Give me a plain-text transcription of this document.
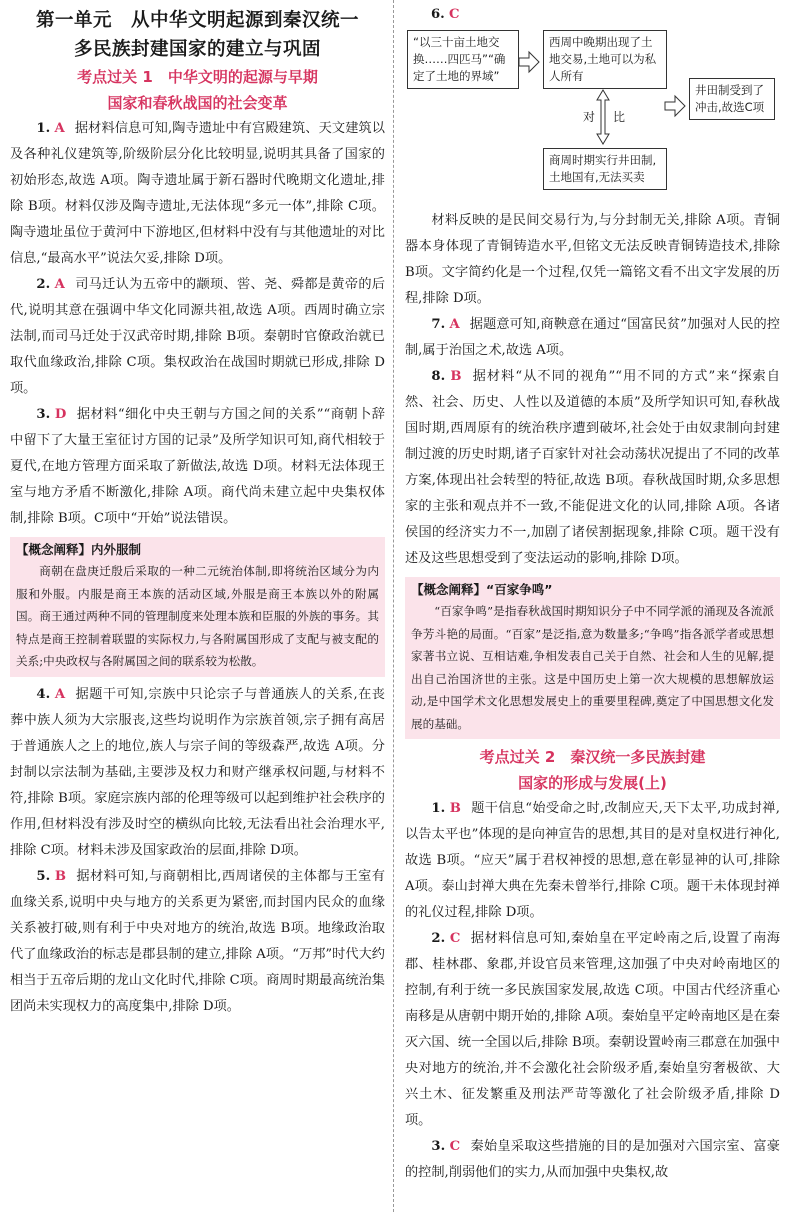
第一单元　从中华文明起源到秦汉统一
多民族封建国家的建立与巩固
考点过关 1　中华文明的起源与早期
国家和春秋战国的社会变革

1. A 据材料信息可知,陶寺遗址中有宫殿建筑、天文建筑以及各种礼仪建筑等,阶级阶层分化比较明显,说明其具备了国家的初始形态,故选 A项。陶寺遗址属于新石器时代晚期文化遗址,排除 B项。材料仅涉及陶寺遗址,无法体现“多元一体”,排除 C项。陶寺遗址虽位于黄河中下游地区,但材料中没有与其他遗址的对比信息,“最高水平”说法欠妥,排除 D项。

2. A 司马迁认为五帝中的颛顼、喾、尧、舜都是黄帝的后代,说明其意在强调中华文化同源共祖,故选 A项。西周时确立宗法制,而司马迁处于汉武帝时期,排除 B项。秦朝时官僚政治就已取代血缘政治,排除 C项。集权政治在战国时期就已形成,排除 D项。

3. D 据材料“细化中央王朝与方国之间的关系”“商朝卜辞中留下了大量王室征讨方国的记录”及所学知识可知,商代相较于夏代,在地方管理方面采取了新做法,故选 D项。材料无法体现王室与地方矛盾不断激化,排除 A项。商代尚未建立起中央集权体制,排除 B项。C项中“开始”说法错误。

【概念阐释】内外服制
商朝在盘庚迁殷后采取的一种二元统治体制,即将统治区域分为内服和外服。内服是商王本族的活动区域,外服是商王本族以外的附属国。商王通过两种不同的管理制度来处理本族和臣服的外族的事务。其特点是商王控制着联盟的实际权力,与各附属国形成了支配与被支配的关系;中央政权与各附属国之间的联系较为松散。

4. A 据题干可知,宗族中只论宗子与普通族人的关系,在丧葬中族人须为大宗服丧,这些均说明作为宗族首领,宗子拥有高居于普通族人之上的地位,族人与宗子间的等级森严,故选 A项。分封制以宗法制为基础,主要涉及权力和财产继承权问题,与材料不符,排除 B项。家庭宗族内部的伦理等级可以起到维护社会秩序的作用,但材料没有涉及时空的横纵向比较,无法看出社会治理水平,排除 C项。材料未涉及国家政治的层面,排除 D项。

5. B 据材料可知,与商朝相比,西周诸侯的主体都与王室有血缘关系,说明中央与地方的关系更为紧密,而封国内民众的血缘关系被打破,则有利于中央对地方的统治,故选 B项。地缘政治取代了血缘政治的标志是郡县制的建立,排除 A项。“万邦”时代大约相当于五帝后期的龙山文化时代,排除 C项。商周时期最高统治集团尚未实现权力的高度集中,排除 D项。

6. C
“以三十亩土地交换……四匹马”“确定了土地的界域”
西周中晚期出现了土地交易,土地可以为私人所有
对 比
井田制受到了冲击,故选C项
商周时期实行井田制,土地国有,无法买卖

材料反映的是民间交易行为,与分封制无关,排除 A项。青铜器本身体现了青铜铸造水平,但铭文无法反映青铜铸造技术,排除 B项。文字简约化是一个过程,仅凭一篇铭文看不出文字发展的历程,排除 D项。

7. A 据题意可知,商鞅意在通过“国富民贫”加强对人民的控制,属于治国之术,故选 A项。

8. B 据材料“从不同的视角”“用不同的方式”来“探索自然、社会、历史、人性以及道德的本质”及所学知识可知,春秋战国时期,西周原有的统治秩序遭到破坏,社会处于由奴隶制向封建制过渡的历史时期,诸子百家针对社会动荡状况提出了不同的改革方案,体现出社会转型的特征,故选 B项。春秋战国时期,众多思想家的主张和观点并不一致,不能促进文化的认同,排除 A项。各诸侯国的经济实力不一,加剧了诸侯割据现象,排除 C项。题干没有述及这些思想受到了变法运动的影响,排除 D项。

【概念阐释】“百家争鸣”
“百家争鸣”是指春秋战国时期知识分子中不同学派的涌现及各流派争芳斗艳的局面。“百家”是泛指,意为数量多;“争鸣”指各派学者或思想家著书立说、互相诘难,争相发表自己关于自然、社会和人生的见解,提出自己治国济世的主张。这是中国历史上第一次大规模的思想解放运动,是中国学术文化思想发展史上的重要里程碑,奠定了中国思想文化发展的基础。
考点过关 2　秦汉统一多民族封建
国家的形成与发展(上)

1. B 题干信息“始受命之时,改制应天,天下太平,功成封禅,以告太平也”体现的是向神宣告的思想,其目的是对皇权进行神化,故选 B项。“应天”属于君权神授的思想,意在彰显神的认可,排除 A项。泰山封禅大典在先秦未曾举行,排除 C项。题干未体现封禅的礼仪过程,排除 D项。

2. C 据材料信息可知,秦始皇在平定岭南之后,设置了南海郡、桂林郡、象郡,并设官员来管理,这加强了中央对岭南地区的控制,有利于统一多民族国家发展,故选 C项。中国古代经济重心南移是从唐朝中期开始的,排除 A项。秦始皇平定岭南地区是在秦灭六国、统一全国以后,排除 B项。秦朝设置岭南三郡意在加强中央对地方的统治,并不会激化社会阶级矛盾,秦始皇穷奢极欲、大兴土木、征发繁重及刑法严苛等激化了社会阶级矛盾,排除 D项。

3. C 秦始皇采取这些措施的目的是加强对六国宗室、富豪的控制,削弱他们的实力,从而加强中央集权,故
